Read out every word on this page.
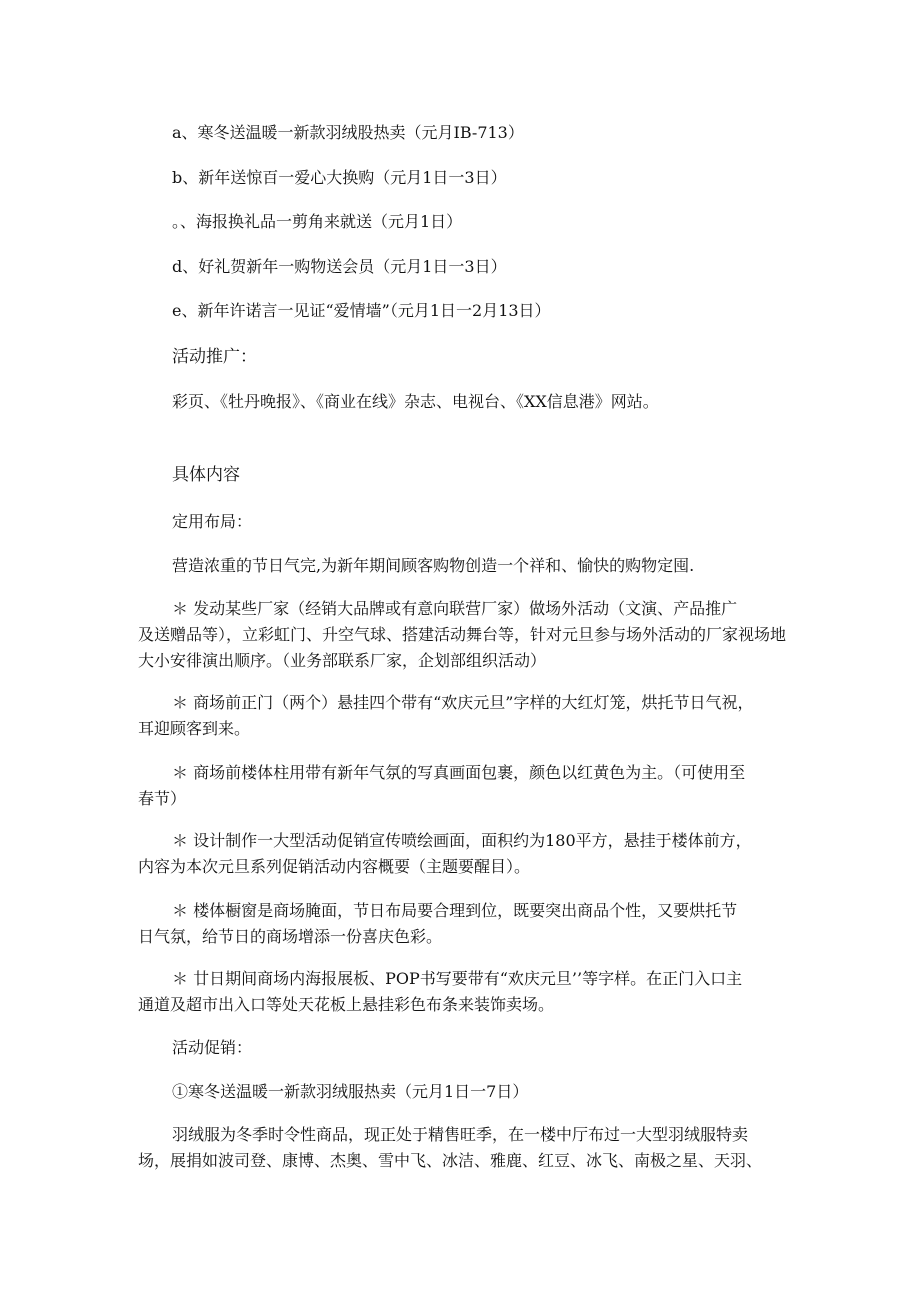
a、寒冬送温暖一新款羽绒股热卖（元月IB-713）
b、新年送惊百一爱心大换购（元月1日一3日）
。、海报换礼品一剪角来就送（元月1日）
d、好礼贺新年一购物送会员（元月1日一3日）
e、新年许诺言一见证“爱情墙”（元月1日一2月13日）
活动推广：
彩页、《牡丹晚报》、《商业在线》杂志、电视台、《XX信息港》网站。
具体内容
定用布局：
营造浓重的节日气完,为新年期间顾客购物创造一个祥和、愉快的购物定囤.
＊ 发动某些厂家（经销大品牌或有意向联营厂家）做场外活动（文演、产品推广
及送赠品等），立彩虹门、升空气球、搭建活动舞台等，针对元旦参与场外活动的厂家视场地大小安徘演出顺序。（业务部联系厂家，企划部组织活动）
＊ 商场前正门（两个）悬挂四个带有“欢庆元旦”字样的大红灯笼，烘托节日气祝，
耳迎顾客到来。
＊ 商场前楼体柱用带有新年气氛的写真画面包裹，颜色以红黄色为主。（可使用至
春节）
＊ 设计制作一大型活动促销宣传喷绘画面，面积约为180平方，悬挂于楼体前方，
内容为本次元旦系列促销活动内容概要（主题要醒目）。
＊ 楼体橱窗是商场腌面，节日布局要合理到位，既要突出商品个性，又要烘托节
日气氛，给节日的商场增添一份喜庆色彩。
＊ 廿日期间商场内海报展板、POP书写要带有“欢庆元旦’’等字样。在正门入口主
通道及超市出入口等处天花板上悬挂彩色布条来装饰卖场。
活动促销：
①寒冬送温暖一新款羽绒服热卖（元月1日一7日）
羽绒服为冬季时令性商品，现正处于精售旺季，在一楼中厅布过一大型羽绒服特卖
场，展捐如波司登、康博、杰奥、雪中飞、冰洁、雅鹿、红豆、冰飞、南极之星、天羽、
